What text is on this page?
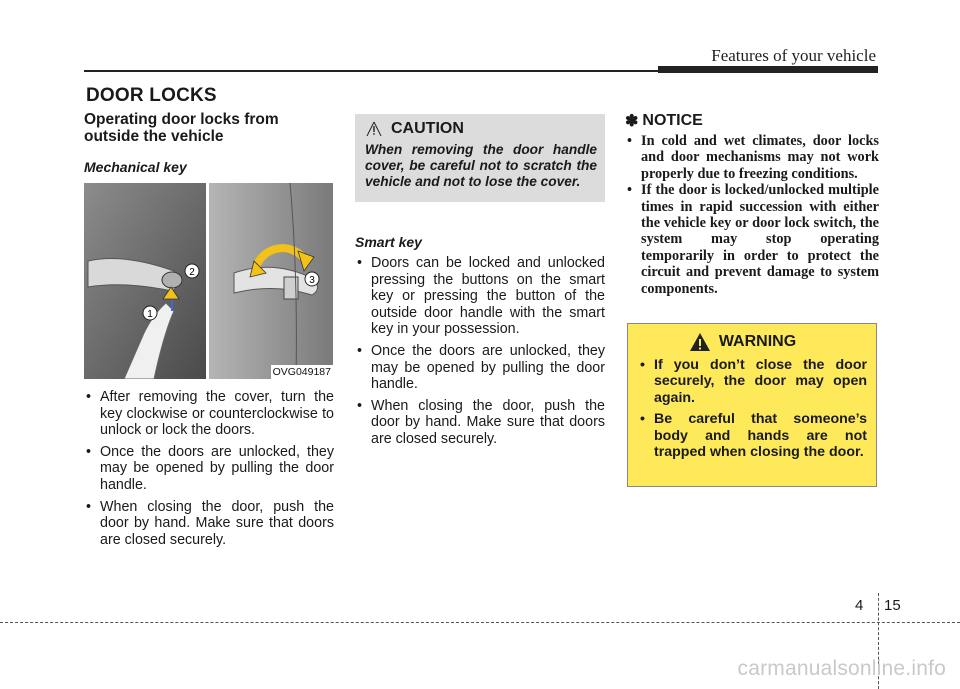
Features of your vehicle
DOOR LOCKS
Operating door locks from outside the vehicle
Mechanical key
1
2
3
OVG049187
• After removing the cover, turn the key clockwise or counterclockwise to unlock or lock the doors.
• Once the doors are unlocked, they may be opened by pulling the door handle.
• When closing the door, push the door by hand. Make sure that doors are closed securely.
CAUTION
When removing the door handle cover, be careful not to scratch the vehicle and not to lose the cover.
Smart key
• Doors can be locked and unlocked pressing the buttons on the smart key or pressing the button of the outside door handle with the smart key in your possession.
• Once the doors are unlocked, they may be opened by pulling the door handle.
• When closing the door, push the door by hand. Make sure that doors are closed securely.
✽ NOTICE
• In cold and wet climates, door locks and door mechanisms may not work properly due to freezing conditions.
• If the door is locked/unlocked multiple times in rapid succession with either the vehicle key or door lock switch, the system may stop operating temporarily in order to protect the circuit and prevent damage to system components.
WARNING
• If you don’t close the door securely, the door may open again.
• Be careful that someone’s body and hands are not trapped when closing the door.
4 15
carmanualsonline.info
